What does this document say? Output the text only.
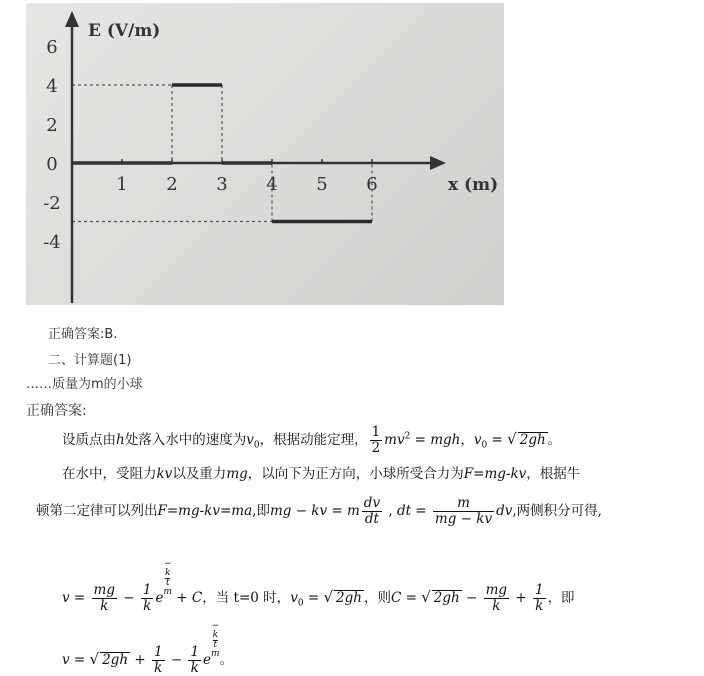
6
4
2
0
-2
-4
1 2 3 4 5 6
E (V/m)
x (m)
正确答案:B.
二、计算题(1)
……质量为m的小球
正确答案:
设质点由h处落入水中的速度为$v_0$，根据动能定理， $\frac{1}{2} mv^2$ = mgh，$v_0$ = √ 2gh 。
在水中，受阻力kv以及重力mg，以向下为正方向，小球所受合力为F=mg-kv，根据牛
顿第二定律可以列出F=mg-kv=ma,即mg − kv = m $\frac{dv}{dt}$ , dt = $\frac{m}{mg - kv}$ dv,两侧积分可得,
$v = \frac{mg}{k} - \frac{1}{k}$ e
−
k
t
m + C，当 t=0 时，$v_0$ = √ 2gh ，则C = √ $2gh - \frac{mg}{k} + \frac{1}{k}$ ，即
v = √ $2gh + \frac{1}{k} - \frac{1}{k}$ e
−
k
t
m 。
